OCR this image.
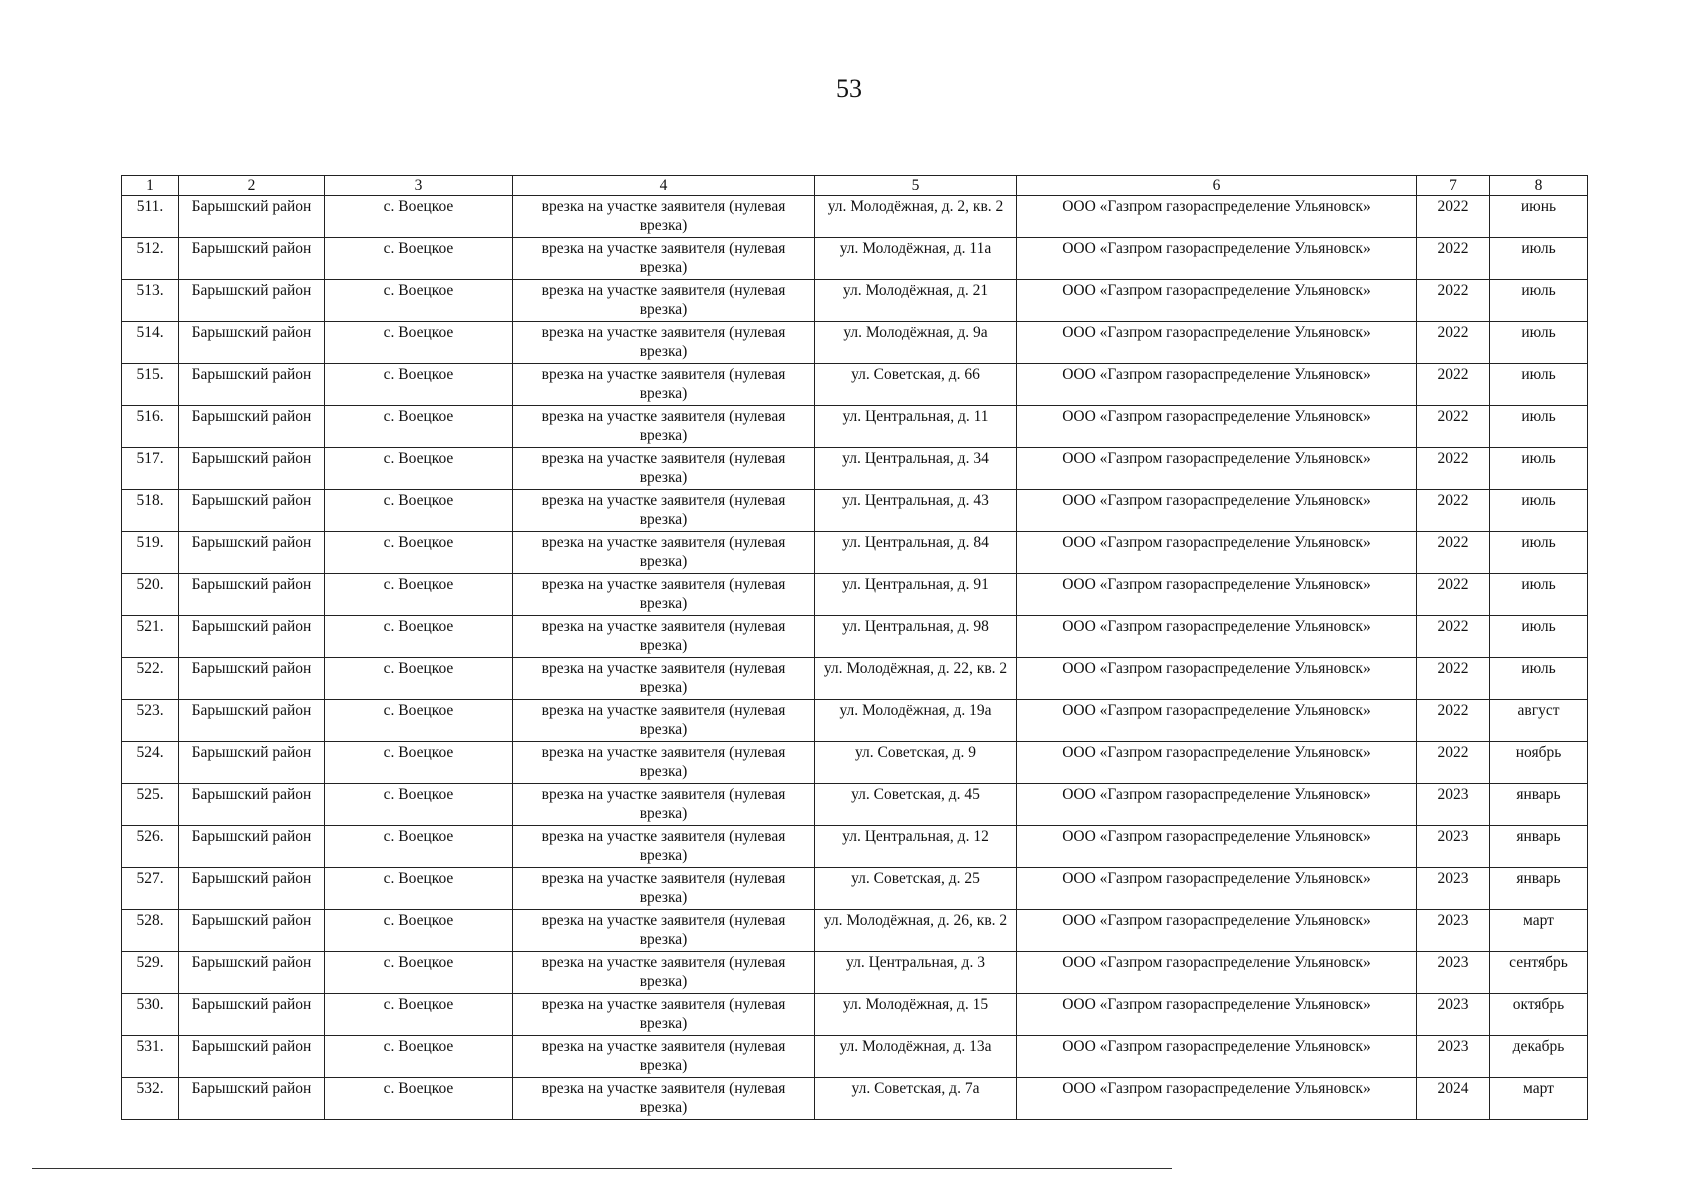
53
1	2	3	4	5	6	7	8
511.	Барышский район	с. Воецкое	врезка на участке заявителя (нулевая врезка)	ул. Молодёжная, д. 2, кв. 2	ООО «Газпром газораспределение Ульяновск»	2022	июнь
512.	Барышский район	с. Воецкое	врезка на участке заявителя (нулевая врезка)	ул. Молодёжная, д. 11а	ООО «Газпром газораспределение Ульяновск»	2022	июль
513.	Барышский район	с. Воецкое	врезка на участке заявителя (нулевая врезка)	ул. Молодёжная, д. 21	ООО «Газпром газораспределение Ульяновск»	2022	июль
514.	Барышский район	с. Воецкое	врезка на участке заявителя (нулевая врезка)	ул. Молодёжная, д. 9а	ООО «Газпром газораспределение Ульяновск»	2022	июль
515.	Барышский район	с. Воецкое	врезка на участке заявителя (нулевая врезка)	ул. Советская, д. 66	ООО «Газпром газораспределение Ульяновск»	2022	июль
516.	Барышский район	с. Воецкое	врезка на участке заявителя (нулевая врезка)	ул. Центральная, д. 11	ООО «Газпром газораспределение Ульяновск»	2022	июль
517.	Барышский район	с. Воецкое	врезка на участке заявителя (нулевая врезка)	ул. Центральная, д. 34	ООО «Газпром газораспределение Ульяновск»	2022	июль
518.	Барышский район	с. Воецкое	врезка на участке заявителя (нулевая врезка)	ул. Центральная, д. 43	ООО «Газпром газораспределение Ульяновск»	2022	июль
519.	Барышский район	с. Воецкое	врезка на участке заявителя (нулевая врезка)	ул. Центральная, д. 84	ООО «Газпром газораспределение Ульяновск»	2022	июль
520.	Барышский район	с. Воецкое	врезка на участке заявителя (нулевая врезка)	ул. Центральная, д. 91	ООО «Газпром газораспределение Ульяновск»	2022	июль
521.	Барышский район	с. Воецкое	врезка на участке заявителя (нулевая врезка)	ул. Центральная, д. 98	ООО «Газпром газораспределение Ульяновск»	2022	июль
522.	Барышский район	с. Воецкое	врезка на участке заявителя (нулевая врезка)	ул. Молодёжная, д. 22, кв. 2	ООО «Газпром газораспределение Ульяновск»	2022	июль
523.	Барышский район	с. Воецкое	врезка на участке заявителя (нулевая врезка)	ул. Молодёжная, д. 19а	ООО «Газпром газораспределение Ульяновск»	2022	август
524.	Барышский район	с. Воецкое	врезка на участке заявителя (нулевая врезка)	ул. Советская, д. 9	ООО «Газпром газораспределение Ульяновск»	2022	ноябрь
525.	Барышский район	с. Воецкое	врезка на участке заявителя (нулевая врезка)	ул. Советская, д. 45	ООО «Газпром газораспределение Ульяновск»	2023	январь
526.	Барышский район	с. Воецкое	врезка на участке заявителя (нулевая врезка)	ул. Центральная, д. 12	ООО «Газпром газораспределение Ульяновск»	2023	январь
527.	Барышский район	с. Воецкое	врезка на участке заявителя (нулевая врезка)	ул. Советская, д. 25	ООО «Газпром газораспределение Ульяновск»	2023	январь
528.	Барышский район	с. Воецкое	врезка на участке заявителя (нулевая врезка)	ул. Молодёжная, д. 26, кв. 2	ООО «Газпром газораспределение Ульяновск»	2023	март
529.	Барышский район	с. Воецкое	врезка на участке заявителя (нулевая врезка)	ул. Центральная, д. 3	ООО «Газпром газораспределение Ульяновск»	2023	сентябрь
530.	Барышский район	с. Воецкое	врезка на участке заявителя (нулевая врезка)	ул. Молодёжная, д. 15	ООО «Газпром газораспределение Ульяновск»	2023	октябрь
531.	Барышский район	с. Воецкое	врезка на участке заявителя (нулевая врезка)	ул. Молодёжная, д. 13а	ООО «Газпром газораспределение Ульяновск»	2023	декабрь
532.	Барышский район	с. Воецкое	врезка на участке заявителя (нулевая врезка)	ул. Советская, д. 7а	ООО «Газпром газораспределение Ульяновск»	2024	март
